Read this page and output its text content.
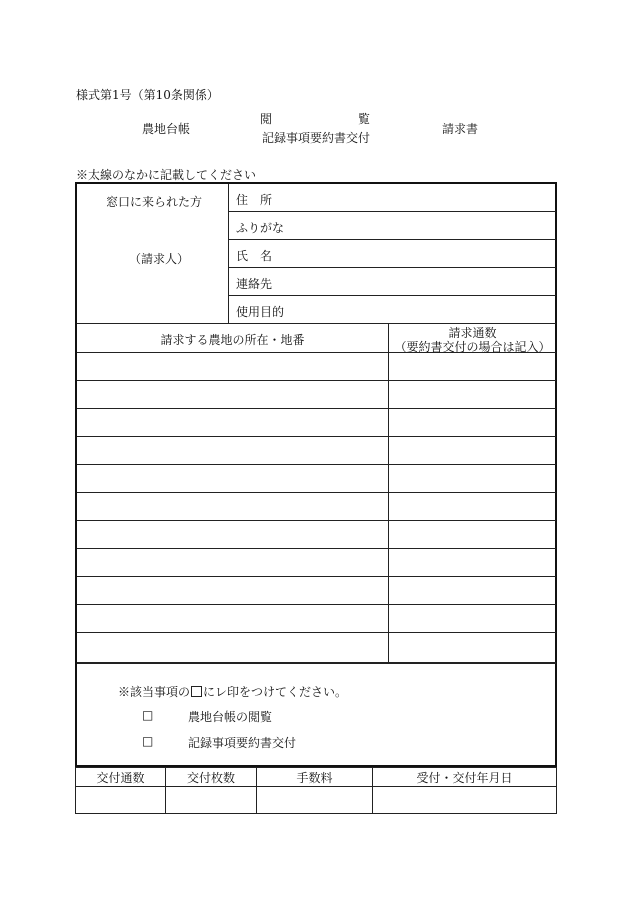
様式第1号（第10条関係）
農地台帳
閲	覧
記録事項要約書交付
請求書
※太線のなかに記載してください
窓口に来られた方
（請求人）
住　所
ふりがな
氏　名
連絡先
使用目的
請求する農地の所在・地番	請求通数
（要約書交付の場合は記入）
※該当事項の にレ印をつけてください。
□	農地台帳の閲覧
□	記録事項要約書交付
交付通数	交付枚数	手数料	受付・交付年月日
